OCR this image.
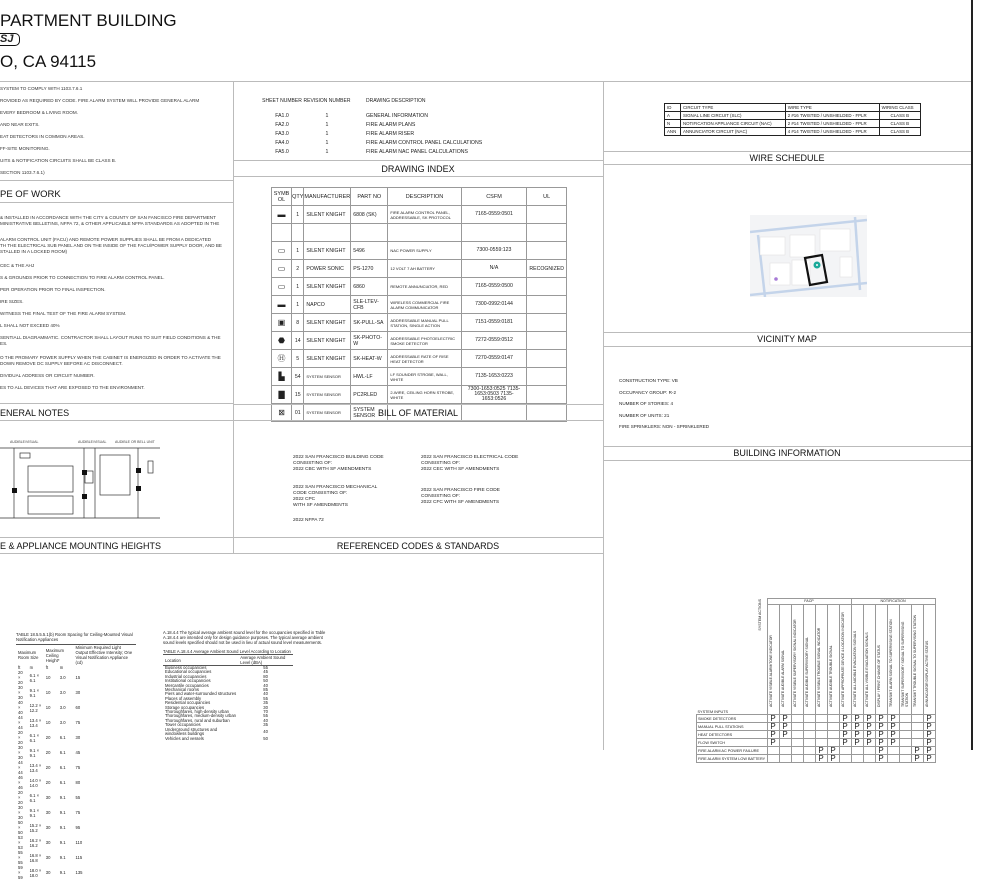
PARTMENT BUILDING
SJ
O, CA 94115
SYSTEM TO COMPLY WITH 1103.7.6.1
ROVIDED AS REQUIRED BY CODE. FIRE ALARM SYSTEM WILL PROVIDE GENERAL ALARM
EVERY BEDROOM & LIVING ROOM.
AND NEAR EXITS.
EAT DETECTORS IN COMMON AREAS.
FF-SITE MONITORING.
UITS & NOTIFICATION CIRCUITS SHALL BE CLASS B.
SECTION 1103.7.6.1)
PE OF WORK
& INSTALLED IN ACCORDANCE WITH THE CITY & COUNTY OF SAN FANCISCO FIRE DEPARTMENT
MINISTRATIVE BELLETINS, NFPA 72, & OTHER APPLICABLE NFPA STANDARDS AS ADOPTED IN THE
ALARM CONTROL UNIT (FACU) AND REMOTE POWER SUPPLIES SHALL BE FROM A DEDICATED
TH THE ELECTRICAL SUB PANEL AND ON THE INSIDE OF THE FACU/POWER SUPPLY DOOR, AND BE
STALLED IN A LOCKED ROOM)
CEC & THE AHJ
S & GROUNDS PRIOR TO CONNECTION TO FIRE ALARM CONTROL PANEL.
PER OPERATION PRIOR TO FINAL INSPECTION.
IRE SIZES.
WITNESS THE FINAL TEST OF THE FIRE ALARM SYSTEM.
L SHALL NOT EXCEED 40%
SENTIALL DIAGRAMMATIC. CONTRACTOR SHALL LAYOUT RUNS TO SUIT FIELD CONDITIONS & THE
ES.
O THE PROMARY POWER SUPPLY WHEN THE CABINET IS ENERGIZED IN ORDER TO ACTIVATE THE
DOWN REMOVE DC SUPPLY BEFORE AC DISCONNECT.
DIVIDUAL ADDRESS OR CIRCUIT NUMBER.
ES TO ALL DEVICES THAT ARE EXPOSED TO THE ENVIRONMENT.
ENERAL NOTES
AUDIBLE/VISUAL	AUDIBLE/VISUAL AUDIBLE OR BELL UNIT
E & APPLIANCE MOUNTING HEIGHTS
SHEET NUMBER	REVISION NUMBER	DRAWING DESCRIPTION
FA1.0	1	GENERAL INFORMATION
FA2.0	1	FIRE ALARM PLANS
FA3.0	1	FIRE ALARM RISER
FA4.0	1	FIRE ALARM CONTROL PANEL CALCULATIONS
FA5.0	1	FIRE ALARM NAC PANEL CALCULATIONS
DRAWING INDEX
SYMB OL	QTY	MANUFACTURER	PART NO	DESCRIPTION	CSFM	UL
▬	1	SILENT KNIGHT	6808 (SK)	FIRE ALARM CONTROL PANEL, ADDRESSABLE, SK PROTOCOL	7165-0559:0501	

▭	1	SILENT KNIGHT	5496	NAC POWER SUPPLY	7300-0559:123	
▭	2	POWER SONIC	PS-1270	12 VOLT 7 AH BATTERY	N/A	RECOGNIZED
▭	1	SILENT KNIGHT	6860	REMOTE ANNUNCIATOR, RED	7165-0559:0500	
▬	1	NAPCO	SLE-LTEV-CFB	WIRELESS COMMERCIAL FIRE ALARM COMMUNICATOR	7300-0992:0144	
▣	8	SILENT KNIGHT	SK-PULL-SA	ADDRESSABLE MANUAL PULL STATION, SINGLE ACTION	7151-0559:0181	
⬣	14	SILENT KNIGHT	SK-PHOTO-W	ADDRESSABLE PHOTOELECTRIC SMOKE DETECTOR	7272-0559:0512	
Ⓗ	5	SILENT KNIGHT	SK-HEAT-W	ADDRESSABLE RATE OF RISE HEAT DETECTOR	7270-0559:0147	
▙	54	SYSTEM SENSOR	HWL-LF	LF SOUNDER STROBE, WALL, WHITE	7135-1653:0223	
▇	15	SYSTEM SENSOR	PC2RLED	2-WIRE, CEILING HORN STROBE, WHITE	7300-1653:0525 7135-1653:0503 7135-1653:0526	
⊠	01	SYSTEM SENSOR	SYSTEM SENSOR			BILL OF MATERIAL
2022 SAN FRANCISCO BUILDING CODE
CONSISTING OF:
2022 CBC WITH SF AMENDMENTS
2022 SAN FRANCISCO ELECTRICAL CODE
CONSISTING OF:
2022 CEC WITH SF AMENDMENTS
2022 SAN FRANCISCO MECHANICAL
CODE CONSISTING OF:
2022 CPC
WITH SF AMENDMENTS
2022 SAN FRANCISCO FIRE CODE
CONSISTING OF:
2022 CFC WITH SF AMENDMENTS
2022 NFPA 72
REFERENCED CODES & STANDARDS
ID	CIRCUIT TYPE	WIRE TYPE	WIRING CLASS
A	SIGNAL LINE CIRCUIT (SLC)	2 #16 TWISTED / UNSHIELDED - FPLR	CLASS B
N	NOTIFICATION APPLIANCE CIRCUIT (NAC)	2 #14 TWISTED / UNSHIELDED - FPLR	CLASS B
ANN	ANNUNCIATOR CIRCUIT (NAC)	4 #14 TWISTED / UNSHIELDED - FPLR	CLASS B
WIRE SCHEDULE
VICINITY MAP
CONSTRUCTION TYPE: VB
OCCUPANCY GROUP: R-2
NUMBER OF STORIES: 4
NUMBER OF UNITS: 21
FIRE SPRINKLERS: NON - SPRINKLERED
BUILDING INFORMATION
TABLE 18.5.5.5.1(b) Room Spacing for Ceiling-Mounted Visual Notification Appliances
Maximum Room Size		Maximum Ceiling Height*		Minimum Required Light Output Effective Intensity; One Visual Notification Appliance (cd)
ft	m	ft	m	
20 × 20	6.1 × 6.1	10	3.0	15
30 × 30	9.1 × 9.1	10	3.0	30
40 × 40	12.2 × 12.2	10	3.0	60
44 × 44	13.4 × 13.4	10	3.0	75
20 × 20	6.1 × 6.1	20	6.1	30
30 × 30	9.1 × 9.1	20	6.1	45
44 × 44	13.4 × 13.4	20	6.1	75
46 × 46	14.0 × 14.0	20	6.1	80
20 × 20	6.1 × 6.1	30	9.1	55
30 × 30	9.1 × 9.1	30	9.1	75
50 × 50	15.2 × 15.2	30	9.1	95
53 × 53	16.2 × 16.2	30	9.1	110
55 × 55	16.8 × 16.8	30	9.1	115
59 × 59	18.0 × 18.0	30	9.1	135
A.18.4.4 The typical average ambient sound level for the occupancies specified in Table A.18.4.4 are intended only for design guidance purposes. The typical average ambient sound levels specified should not be used in lieu of actual sound level measurements.
TABLE A.18.4.4 Average Ambient Sound Level According to Location
Location	Average Ambient Sound Level (dBA)
Business occupancies	55
Educational occupancies	45
Industrial occupancies	80
Institutional occupancies	50
Mercantile occupancies	40
Mechanical rooms	85
Piers and water-surrounded structures	40
Places of assembly	55
Residential occupancies	35
Storage occupancies	30
Thoroughfares, high-density urban	70
Thoroughfares, medium-density urban	55
Thoroughfares, rural and suburban	40
Tower occupancies	35
Underground structures and windowless buildings	40
Vehicles and vessels	50
SYSTEM ACTIONS
SYSTEM INPUTS	FACP							NOTIFICATION						

	ACTIVATE VISIBLE ALARM/TONE INDICATOR	ACTIVATE AUDIBLE ALARM SIGNAL	ACTIVATE VISIBLE SUPERVISORY SIGNAL INDICATOR	ACTIVATE AUDIBLE SUPERVISORY SIGNAL	ACTIVATE VISIBLE TROUBLE SIGNAL INDICATOR	ACTIVATE AUDIBLE TROUBLE SIGNAL	ACTIVATE APPROPRIATE DEVICE & LOCATION INDICATOR	ACTIVATE ALL AUDIBLE EVACUATION SIGNALS	ACTIVATE ALL VISIBLE EVACUATION SIGNALS	DISPLAY / PRINT CHANGE OF STATUS	TRANSMIT ALARM SIGNAL TO SUPERVISING STATION	TRANSMIT SUPERVISORY SIGNAL TO SUPERVISING STATION	TRANSMIT TROUBLE SIGNAL TO SUPERVISING STATION	ANNUNCIATOR DISPLAY ACTIVE STATUS

SMOKE DETECTORS	P	P					P	P	P	P	P			P
MANUAL PULL STATIONS	P	P					P	P	P	P	P			P
HEAT DETECTORS	P	P					P	P	P	P	P			P
FLOW SWITCH	P						P	P	P	P	P			P
FIRE ALARM AC POWER FAILURE					P	P				P			P	P
FIRE ALARM SYSTEM LOW BATTERY					P	P				P			P	P
